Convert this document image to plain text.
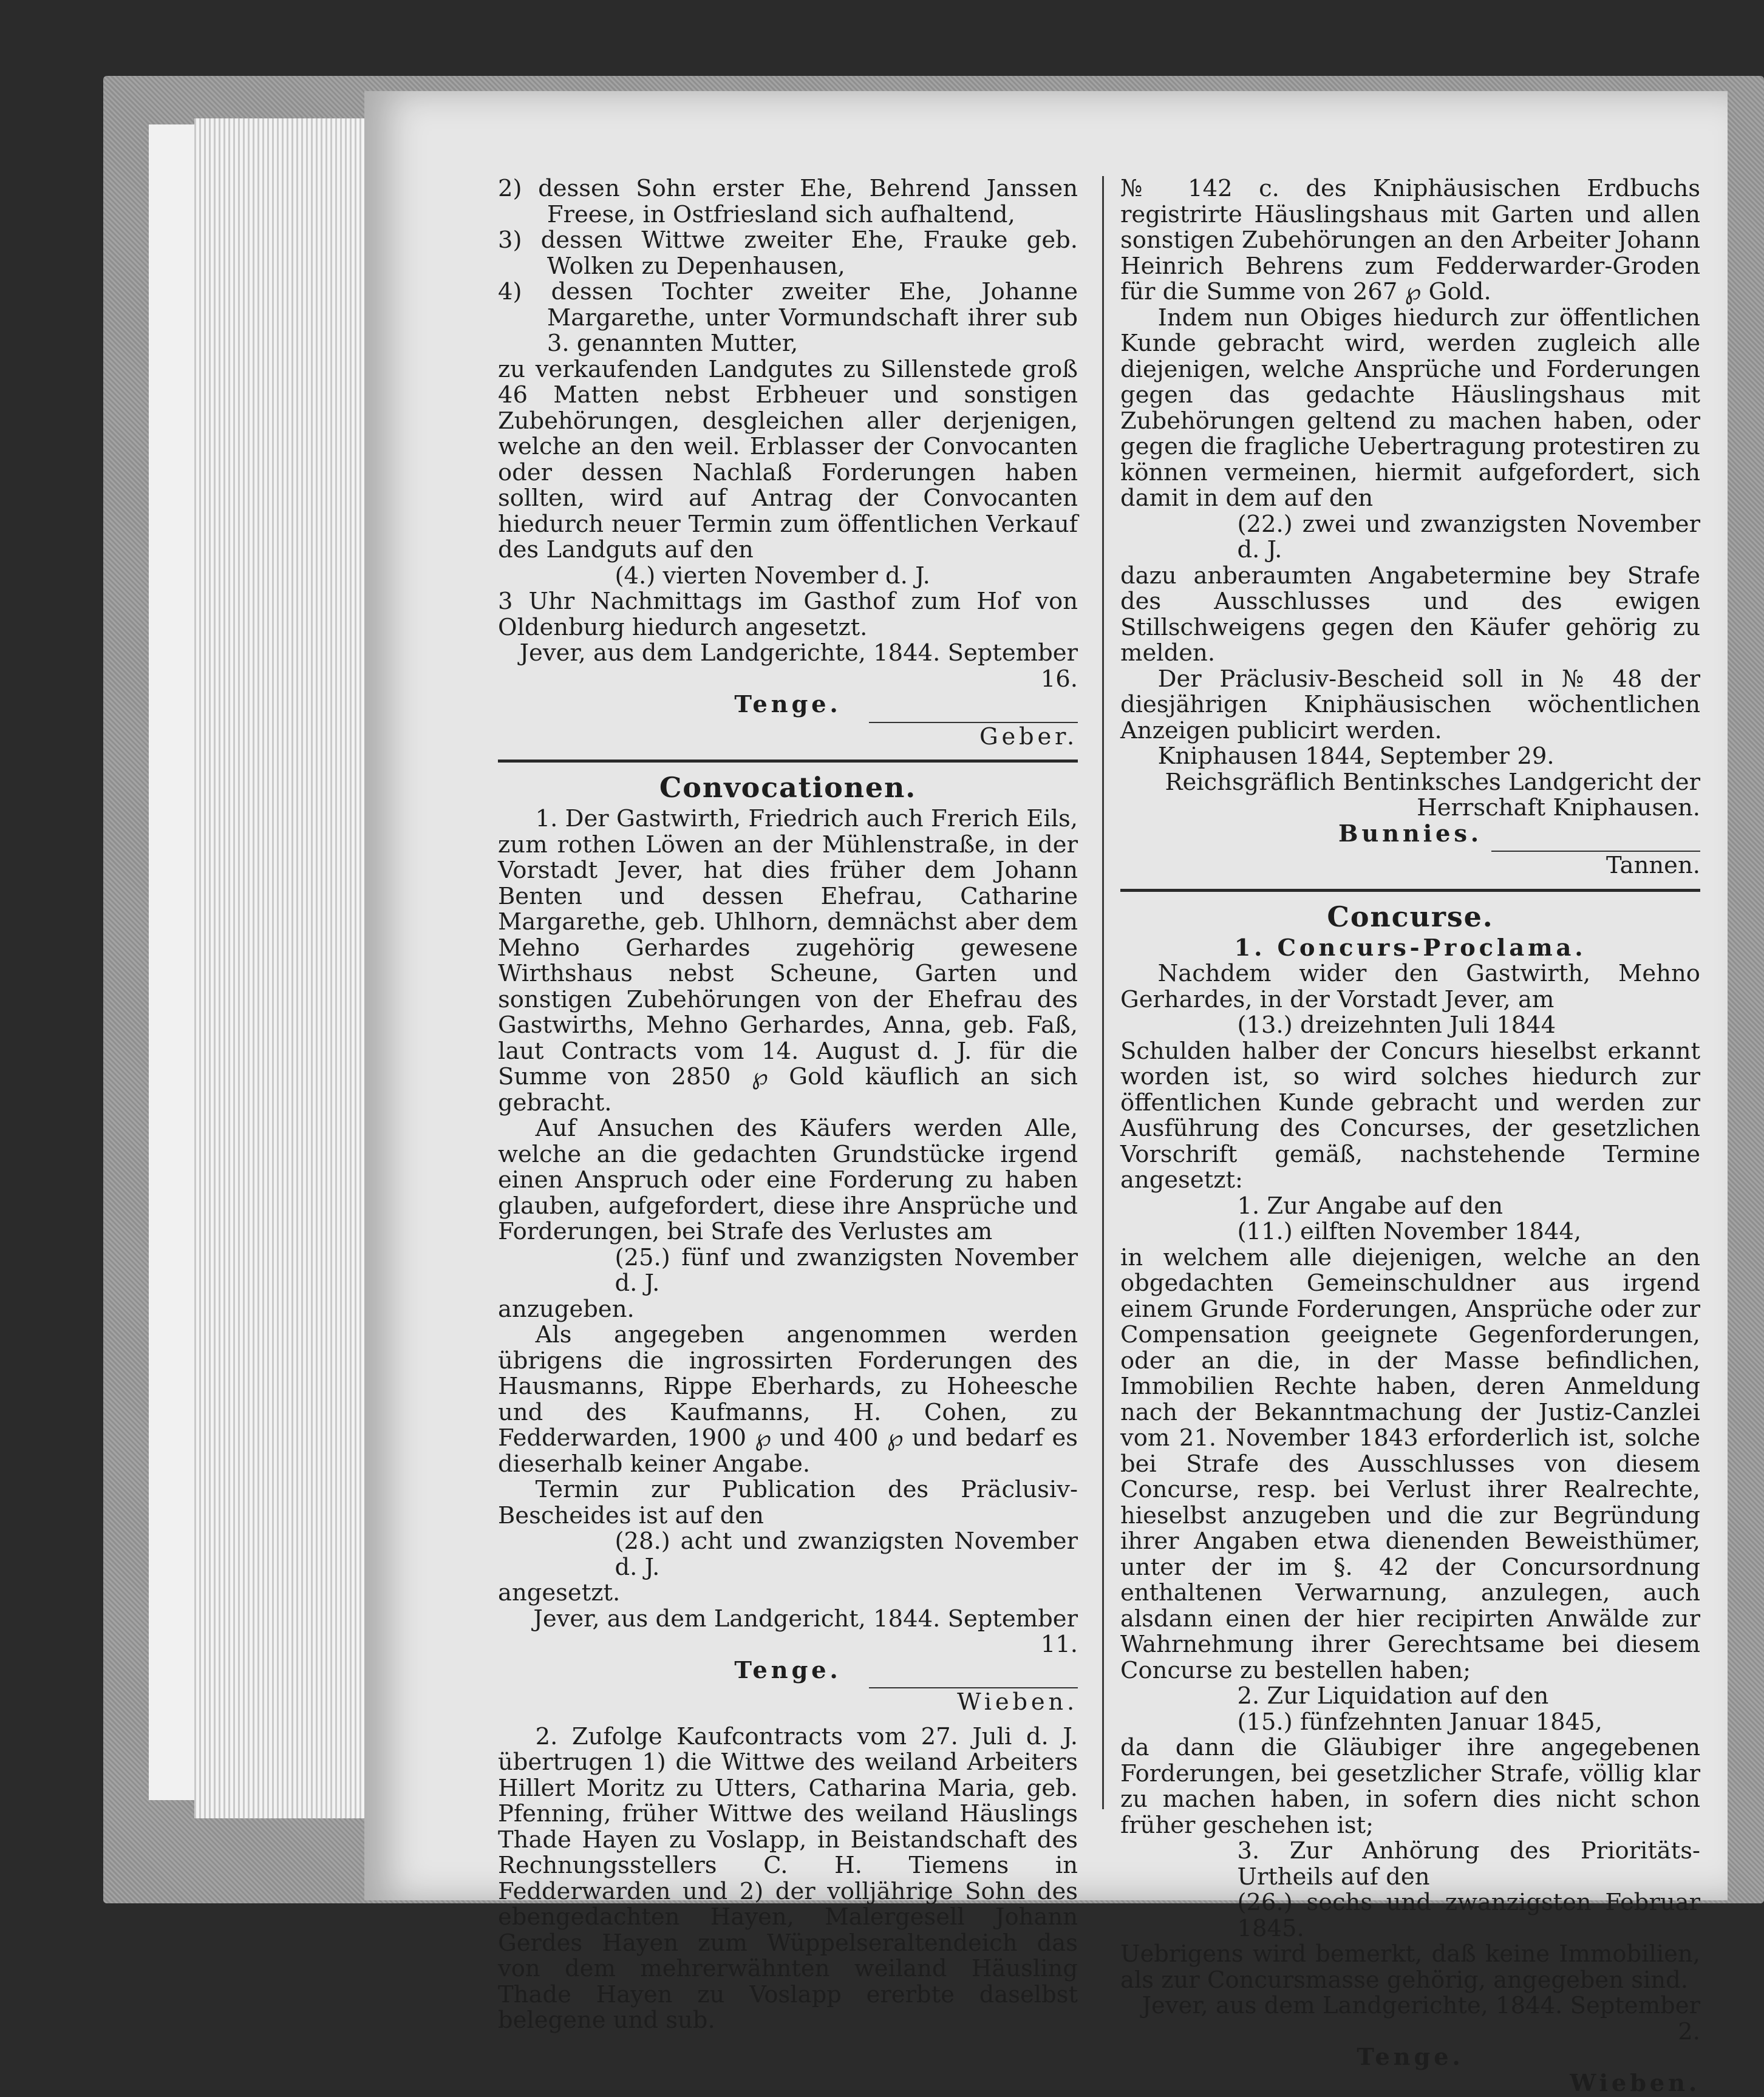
2) dessen Sohn erster Ehe, Behrend Janssen Freese, in Ostfriesland sich aufhaltend,

3) dessen Wittwe zweiter Ehe, Frauke geb. Wolken zu Depenhausen,

4) dessen Tochter zweiter Ehe, Johanne Margarethe, unter Vormundschaft ihrer sub 3. genannten Mutter,

zu verkaufenden Landgutes zu Sillenstede groß 46 Matten nebst Erbheuer und sonstigen Zubehörungen, desgleichen aller derjenigen, welche an den weil. Erblasser der Convocanten oder dessen Nachlaß Forderungen haben sollten, wird auf Antrag der Convocanten hiedurch neuer Termin zum öffentlichen Verkauf des Landguts auf den

(4.) vierten November d. J.

3 Uhr Nachmittags im Gasthof zum Hof von Oldenburg hiedurch angesetzt.

Jever, aus dem Landgerichte, 1844. September 16.

Tenge.

Geber.
Convocationen.

1. Der Gastwirth, Friedrich auch Frerich Eils, zum rothen Löwen an der Mühlenstraße, in der Vorstadt Jever, hat dies früher dem Johann Benten und dessen Ehefrau, Catharine Margarethe, geb. Uhlhorn, demnächst aber dem Mehno Gerhardes zugehörig gewesene Wirthshaus nebst Scheune, Garten und sonstigen Zubehörungen von der Ehefrau des Gastwirths, Mehno Gerhardes, Anna, geb. Faß, laut Contracts vom 14. August d. J. für die Summe von 2850 ℘ Gold käuflich an sich gebracht.

Auf Ansuchen des Käufers werden Alle, welche an die gedachten Grundstücke irgend einen Anspruch oder eine Forderung zu haben glauben, aufgefordert, diese ihre Ansprüche und Forderungen, bei Strafe des Verlustes am

(25.) fünf und zwanzigsten November d. J.

anzugeben.

Als angegeben angenommen werden übrigens die ingrossirten Forderungen des Hausmanns, Rippe Eberhards, zu Hoheesche und des Kaufmanns, H. Cohen, zu Fedderwarden, 1900 ℘ und 400 ℘ und bedarf es dieserhalb keiner Angabe.

Termin zur Publication des Präclusiv-Bescheides ist auf den

(28.) acht und zwanzigsten November d. J.

angesetzt.

Jever, aus dem Landgericht, 1844. September 11.

Tenge.

Wieben.

2. Zufolge Kaufcontracts vom 27. Juli d. J. übertrugen 1) die Wittwe des weiland Arbeiters Hillert Moritz zu Utters, Catharina Maria, geb. Pfenning, früher Wittwe des weiland Häuslings Thade Hayen zu Voslapp, in Beistandschaft des Rechnungsstellers C. H. Tiemens in Fedderwarden und 2) der volljährige Sohn des ebengedachten Hayen, Malergesell Johann Gerdes Hayen zum Wüppelseraltendeich das von dem mehrerwähnten weiland Häusling Thade Hayen zu Voslapp ererbte daselbst belegene und sub.

№ 142 c. des Kniphäusischen Erdbuchs registrirte Häuslingshaus mit Garten und allen sonstigen Zubehörungen an den Arbeiter Johann Heinrich Behrens zum Fedderwarder-Groden für die Summe von 267 ℘ Gold.

Indem nun Obiges hiedurch zur öffentlichen Kunde gebracht wird, werden zugleich alle diejenigen, welche Ansprüche und Forderungen gegen das gedachte Häuslingshaus mit Zubehörungen geltend zu machen haben, oder gegen die fragliche Uebertragung protestiren zu können vermeinen, hiermit aufgefordert, sich damit in dem auf den

(22.) zwei und zwanzigsten November d. J.

dazu anberaumten Angabetermine bey Strafe des Ausschlusses und des ewigen Stillschweigens gegen den Käufer gehörig zu melden.

Der Präclusiv-Bescheid soll in № 48 der diesjährigen Kniphäusischen wöchentlichen Anzeigen publicirt werden.

Kniphausen 1844, September 29.

Reichsgräflich Bentinksches Landgericht der Herrschaft Kniphausen.

Bunnies.

Tannen.
Concurse.

1. Concurs-Proclama.

Nachdem wider den Gastwirth, Mehno Gerhardes, in der Vorstadt Jever, am

(13.) dreizehnten Juli 1844

Schulden halber der Concurs hieselbst erkannt worden ist, so wird solches hiedurch zur öffentlichen Kunde gebracht und werden zur Ausführung des Concurses, der gesetzlichen Vorschrift gemäß, nachstehende Termine angesetzt:

1. Zur Angabe auf den

(11.) eilften November 1844,

in welchem alle diejenigen, welche an den obgedachten Gemeinschuldner aus irgend einem Grunde Forderungen, Ansprüche oder zur Compensation geeignete Gegenforderungen, oder an die, in der Masse befindlichen, Immobilien Rechte haben, deren Anmeldung nach der Bekanntmachung der Justiz-Canzlei vom 21. November 1843 erforderlich ist, solche bei Strafe des Ausschlusses von diesem Concurse, resp. bei Verlust ihrer Realrechte, hieselbst anzugeben und die zur Begründung ihrer Angaben etwa dienenden Beweisthümer, unter der im §. 42 der Concursordnung enthaltenen Verwarnung, anzulegen, auch alsdann einen der hier recipirten Anwälde zur Wahrnehmung ihrer Gerechtsame bei diesem Concurse zu bestellen haben;

2. Zur Liquidation auf den

(15.) fünfzehnten Januar 1845,

da dann die Gläubiger ihre angegebenen Forderungen, bei gesetzlicher Strafe, völlig klar zu machen haben, in sofern dies nicht schon früher geschehen ist;

3. Zur Anhörung des Prioritäts-Urtheils auf den

(26.) sechs und zwanzigsten Februar 1845.

Uebrigens wird bemerkt, daß keine Immobilien, als zur Concursmasse gehörig, angegeben sind.

Jever, aus dem Landgerichte, 1844. September 2.

Tenge.

Wieben.
